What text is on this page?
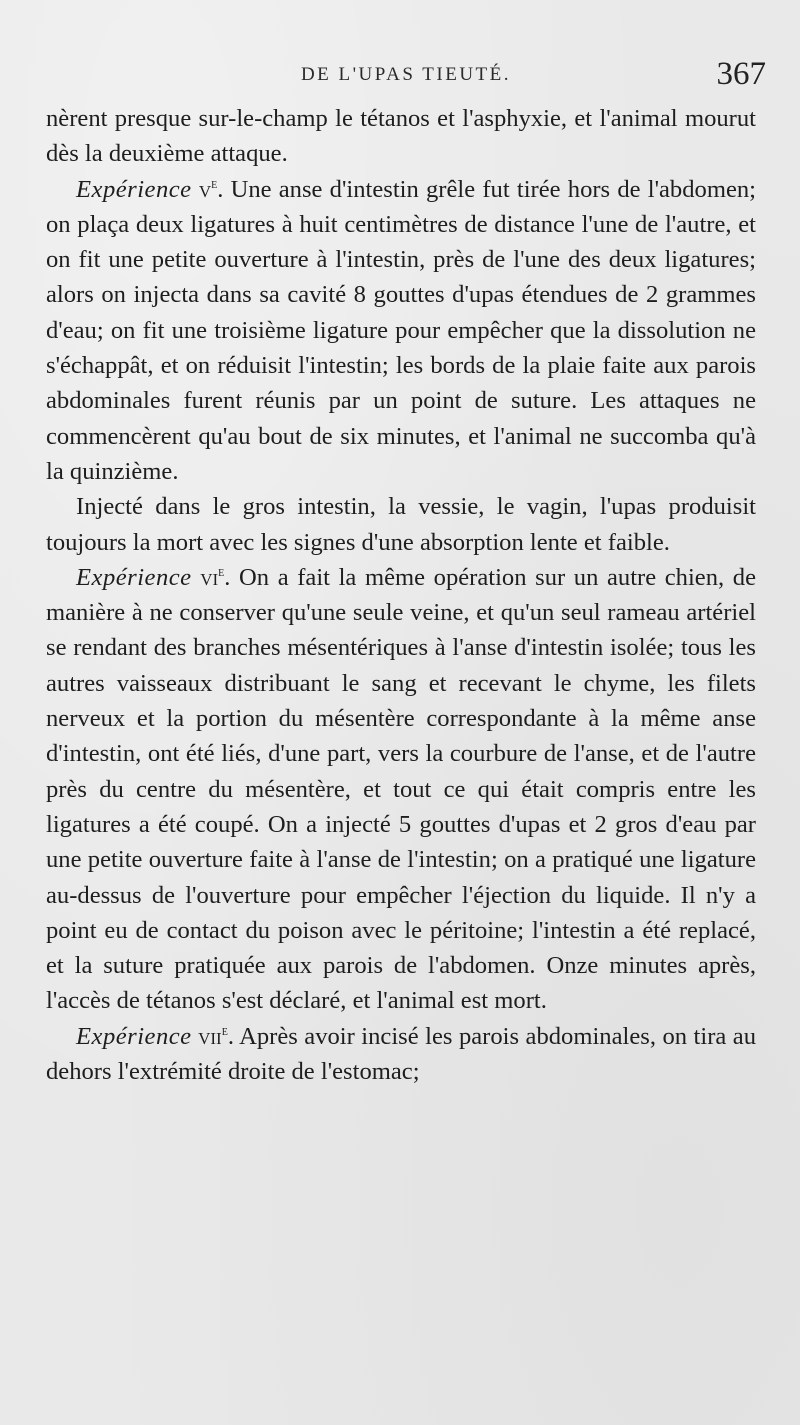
DE L'UPAS TIEUTÉ.	367

nèrent presque sur-le-champ le tétanos et l'asphyxie, et l'animal mourut dès la deuxième attaque.

Expérience $v^e$. Une anse d'intestin grêle fut tirée hors de l'abdomen; on plaça deux ligatures à huit centimètres de distance l'une de l'autre, et on fit une petite ouverture à l'intestin, près de l'une des deux ligatures; alors on injecta dans sa cavité 8 gouttes d'upas étendues de 2 grammes d'eau; on fit une troisième ligature pour empêcher que la dissolution ne s'échappât, et on réduisit l'intestin; les bords de la plaie faite aux parois abdominales furent réunis par un point de suture. Les attaques ne commencèrent qu'au bout de six minutes, et l'animal ne succomba qu'à la quinzième.

Injecté dans le gros intestin, la vessie, le vagin, l'upas produisit toujours la mort avec les signes d'une absorption lente et faible.

Expérience $vi^e$. On a fait la même opération sur un autre chien, de manière à ne conserver qu'une seule veine, et qu'un seul rameau artériel se rendant des branches mésentériques à l'anse d'intestin isolée; tous les autres vaisseaux distribuant le sang et recevant le chyme, les filets nerveux et la portion du mésentère correspondante à la même anse d'intestin, ont été liés, d'une part, vers la courbure de l'anse, et de l'autre près du centre du mésentère, et tout ce qui était compris entre les ligatures a été coupé. On a injecté 5 gouttes d'upas et 2 gros d'eau par une petite ouverture faite à l'anse de l'intestin; on a pratiqué une ligature au-dessus de l'ouverture pour empêcher l'éjection du liquide. Il n'y a point eu de contact du poison avec le péritoine; l'intestin a été replacé, et la suture pratiquée aux parois de l'abdomen. Onze minutes après, l'accès de tétanos s'est déclaré, et l'animal est mort.

Expérience vii$^e$. Après avoir incisé les parois abdominales, on tira au dehors l'extrémité droite de l'estomac;
